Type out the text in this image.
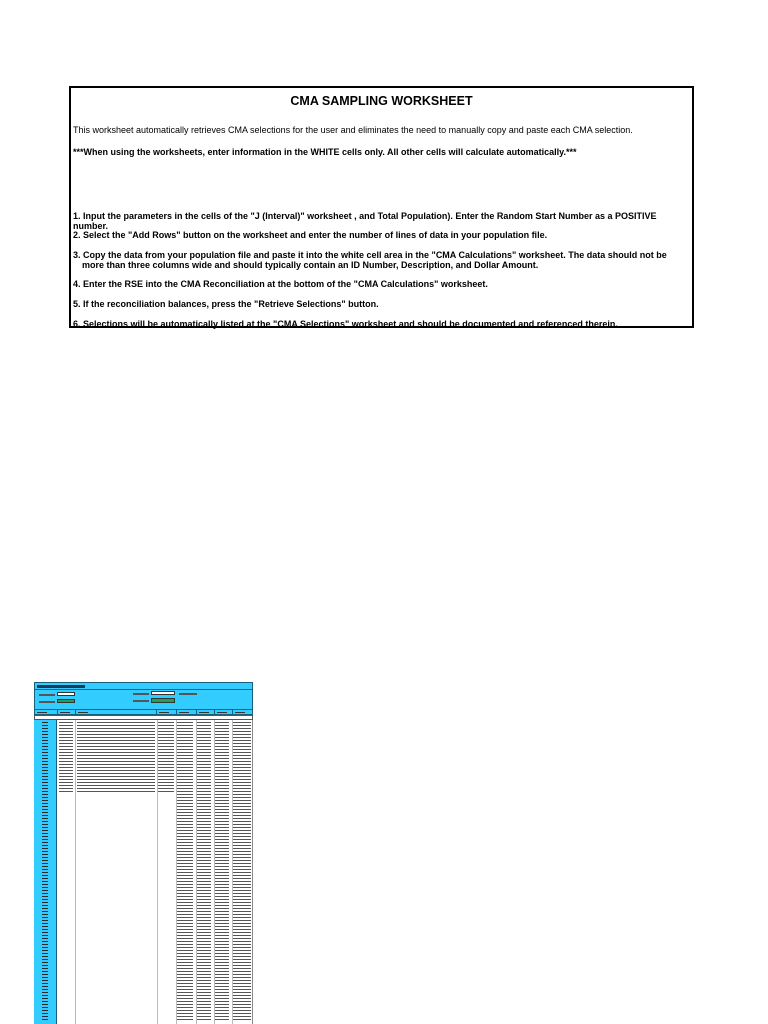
CMA SAMPLING WORKSHEET
This worksheet automatically retrieves CMA selections for the user and eliminates the need to manually copy and paste each CMA selection.
***When using the worksheets, enter information in the WHITE cells only. All other cells will calculate automatically.***
1. Input the parameters in the cells of the "J (Interval)" worksheet , and Total Population). Enter the Random Start Number as a POSITIVE number.
2. Select the "Add Rows" button on the worksheet and enter the number of lines of data in your population file.
3. Copy the data from your population file and paste it into the white cell area in the "CMA Calculations" worksheet. The data should not be
more than three columns wide and should typically contain an ID Number, Description, and Dollar Amount.
4. Enter the RSE into the CMA Reconciliation at the bottom of the "CMA Calculations" worksheet.
5. If the reconciliation balances, press the "Retrieve Selections" button.
6. Selections will be automatically listed at the "CMA Selections" worksheet and should be documented and referenced therein.
